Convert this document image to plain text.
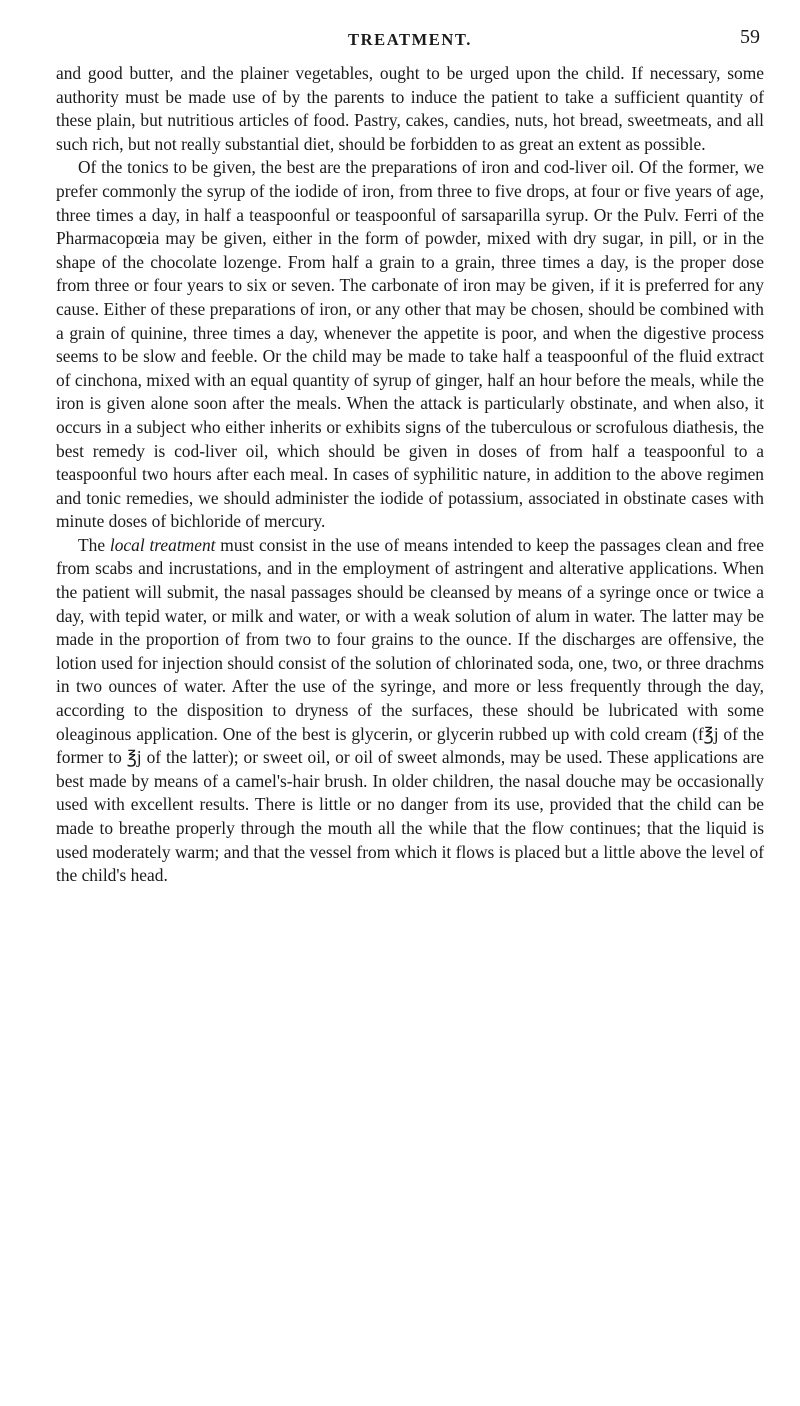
TREATMENT.	59

and good butter, and the plainer vegetables, ought to be urged upon the child. If necessary, some authority must be made use of by the parents to induce the patient to take a sufficient quantity of these plain, but nutritious articles of food. Pastry, cakes, candies, nuts, hot bread, sweetmeats, and all such rich, but not really substantial diet, should be forbidden to as great an extent as possible.

Of the tonics to be given, the best are the preparations of iron and cod-liver oil. Of the former, we prefer commonly the syrup of the iodide of iron, from three to five drops, at four or five years of age, three times a day, in half a teaspoonful or teaspoonful of sarsaparilla syrup. Or the Pulv. Ferri of the Pharmacopœia may be given, either in the form of powder, mixed with dry sugar, in pill, or in the shape of the chocolate lozenge. From half a grain to a grain, three times a day, is the proper dose from three or four years to six or seven. The carbonate of iron may be given, if it is preferred for any cause. Either of these preparations of iron, or any other that may be chosen, should be combined with a grain of quinine, three times a day, whenever the appetite is poor, and when the digestive process seems to be slow and feeble. Or the child may be made to take half a teaspoonful of the fluid extract of cinchona, mixed with an equal quantity of syrup of ginger, half an hour before the meals, while the iron is given alone soon after the meals. When the attack is particularly obstinate, and when also, it occurs in a subject who either inherits or exhibits signs of the tuberculous or scrofulous diathesis, the best remedy is cod-liver oil, which should be given in doses of from half a teaspoonful to a teaspoonful two hours after each meal. In cases of syphilitic nature, in addition to the above regimen and tonic remedies, we should administer the iodide of potassium, associated in obstinate cases with minute doses of bichloride of mercury.

The local treatment must consist in the use of means intended to keep the passages clean and free from scabs and incrustations, and in the employment of astringent and alterative applications. When the patient will submit, the nasal passages should be cleansed by means of a syringe once or twice a day, with tepid water, or milk and water, or with a weak solution of alum in water. The latter may be made in the proportion of from two to four grains to the ounce. If the discharges are offensive, the lotion used for injection should consist of the solution of chlorinated soda, one, two, or three drachms in two ounces of water. After the use of the syringe, and more or less frequently through the day, according to the disposition to dryness of the surfaces, these should be lubricated with some oleaginous application. One of the best is glycerin, or glycerin rubbed up with cold cream (f℥j of the former to ℥j of the latter); or sweet oil, or oil of sweet almonds, may be used. These applications are best made by means of a camel's-hair brush. In older children, the nasal douche may be occasionally used with excellent results. There is little or no danger from its use, provided that the child can be made to breathe properly through the mouth all the while that the flow continues; that the liquid is used moderately warm; and that the vessel from which it flows is placed but a little above the level of the child's head.
